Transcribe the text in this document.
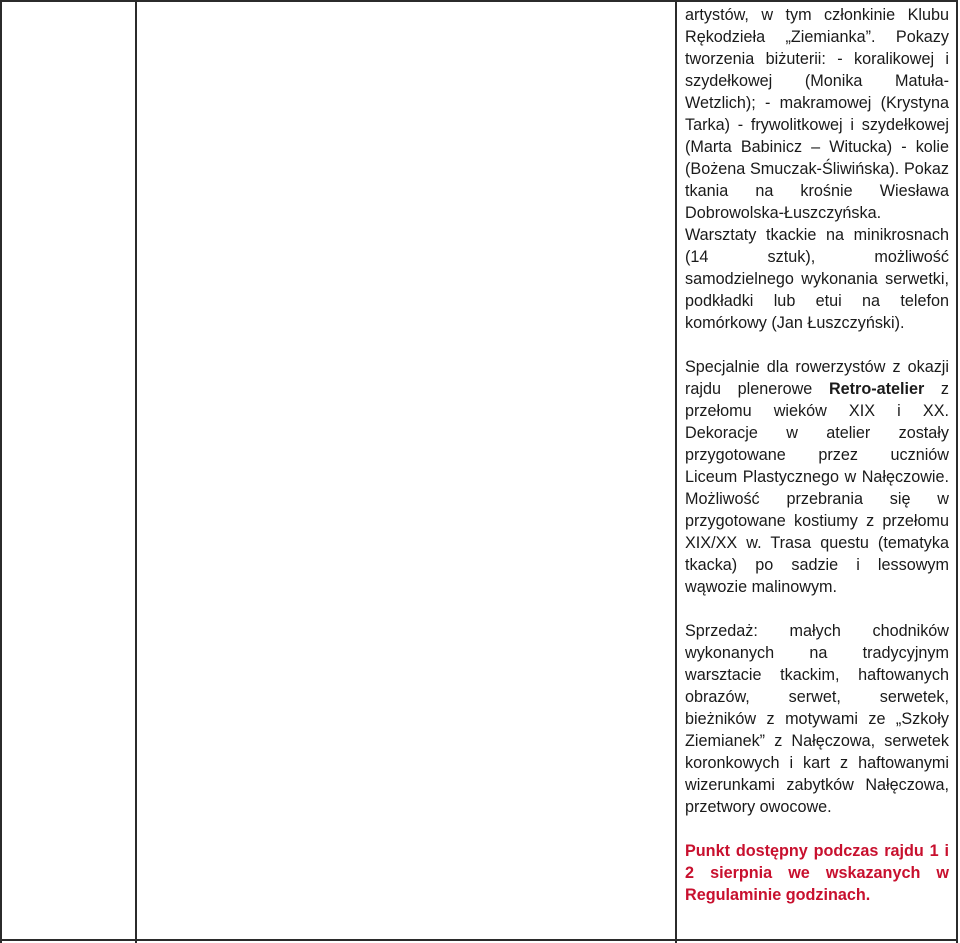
artystów, w tym członkinie Klubu Rękodzieła „Ziemianka”. Pokazy tworzenia biżuterii: - koralikowej i szydełkowej (Monika Matuła-Wetzlich); - makramowej (Krystyna Tarka) - frywolitkowej i szydełkowej (Marta Babinicz – Witucka) - kolie (Bożena Smuczak-Śliwińska). Pokaz tkania na krośnie Wiesława Dobrowolska-Łuszczyńska. Warsztaty tkackie na minikrosnach (14 sztuk), możliwość samodzielnego wykonania serwetki, podkładki lub etui na telefon komórkowy (Jan Łuszczyński).

Specjalnie dla rowerzystów z okazji rajdu plenerowe Retro-atelier z przełomu wieków XIX i XX. Dekoracje w atelier zostały przygotowane przez uczniów Liceum Plastycznego w Nałęczowie. Możliwość przebrania się w przygotowane kostiumy z przełomu XIX/XX w. Trasa questu (tematyka tkacka) po sadzie i lessowym wąwozie malinowym.

Sprzedaż: małych chodników wykonanych na tradycyjnym warsztacie tkackim, haftowanych obrazów, serwet, serwetek, bieżników z motywami ze „Szkoły Ziemianek” z Nałęczowa, serwetek koronkowych i kart z haftowanymi wizerunkami zabytków Nałęczowa, przetwory owocowe.

Punkt dostępny podczas rajdu 1 i 2 sierpnia we wskazanych w Regulaminie godzinach.
